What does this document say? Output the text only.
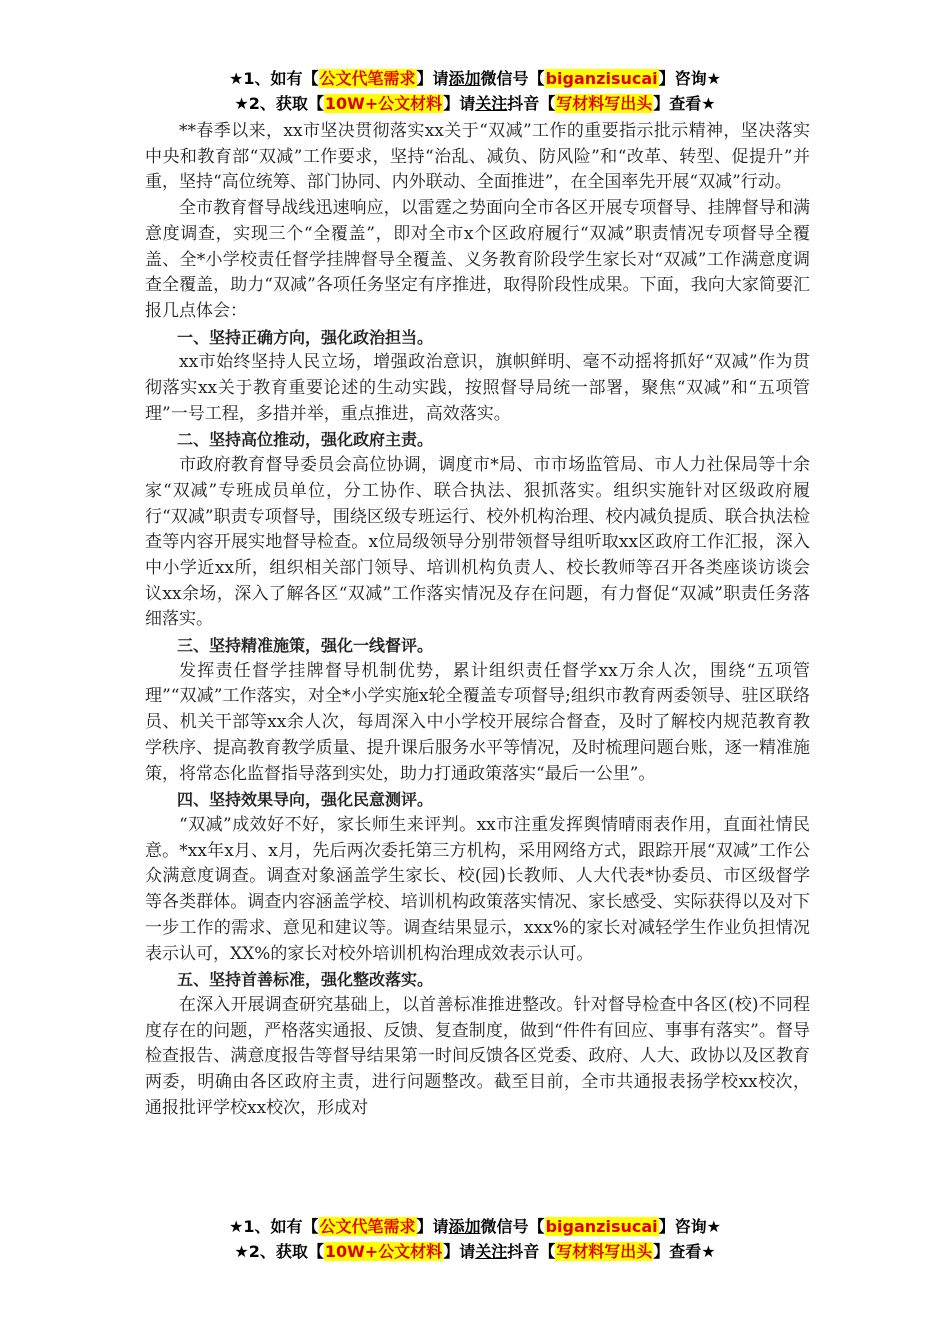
★1、如有【公文代笔需求】请添加微信号【biganzisucai】咨询★
★2、获取【10W+公文材料】请关注抖音【写材料写出头】查看★

**春季以来，xx市坚决贯彻落实xx关于“双减”工作的重要指示批示精神，坚决落实中央和教育部“双减”工作要求，坚持“治乱、减负、防风险”和“改革、转型、促提升”并重，坚持“高位统筹、部门协同、内外联动、全面推进”，在全国率先开展“双减”行动。

全市教育督导战线迅速响应，以雷霆之势面向全市各区开展专项督导、挂牌督导和满意度调查，实现三个“全覆盖”，即对全市x个区政府履行“双减”职责情况专项督导全覆盖、全*小学校责任督学挂牌督导全覆盖、义务教育阶段学生家长对“双减”工作满意度调查全覆盖，助力“双减”各项任务坚定有序推进，取得阶段性成果。下面，我向大家简要汇报几点体会：

一、坚持正确方向，强化政治担当。

xx市始终坚持人民立场，增强政治意识，旗帜鲜明、毫不动摇将抓好“双减”作为贯彻落实xx关于教育重要论述的生动实践，按照督导局统一部署，聚焦“双减”和“五项管理”一号工程，多措并举，重点推进，高效落实。

二、坚持高位推动，强化政府主责。

市政府教育督导委员会高位协调，调度市*局、市市场监管局、市人力社保局等十余家“双减”专班成员单位，分工协作、联合执法、狠抓落实。组织实施针对区级政府履行“双减”职责专项督导，围绕区级专班运行、校外机构治理、校内减负提质、联合执法检查等内容开展实地督导检查。x位局级领导分别带领督导组听取xx区政府工作汇报，深入中小学近xx所，组织相关部门领导、培训机构负责人、校长教师等召开各类座谈访谈会议xx余场，深入了解各区“双减”工作落实情况及存在问题，有力督促“双减”职责任务落细落实。

三、坚持精准施策，强化一线督评。

发挥责任督学挂牌督导机制优势，累计组织责任督学xx万余人次，围绕“五项管理”“双减”工作落实，对全*小学实施x轮全覆盖专项督导;组织市教育两委领导、驻区联络员、机关干部等xx余人次，每周深入中小学校开展综合督查，及时了解校内规范教育教学秩序、提高教育教学质量、提升课后服务水平等情况，及时梳理问题台账，逐一精准施策，将常态化监督指导落到实处，助力打通政策落实“最后一公里”。

四、坚持效果导向，强化民意测评。

“双减”成效好不好，家长师生来评判。xx市注重发挥舆情晴雨表作用，直面社情民意。*xx年x月、x月，先后两次委托第三方机构，采用网络方式，跟踪开展“双减”工作公众满意度调查。调查对象涵盖学生家长、校(园)长教师、人大代表*协委员、市区级督学等各类群体。调查内容涵盖学校、培训机构政策落实情况、家长感受、实际获得以及对下一步工作的需求、意见和建议等。调查结果显示，xxx%的家长对减轻学生作业负担情况表示认可，XX%的家长对校外培训机构治理成效表示认可。

五、坚持首善标准，强化整改落实。

在深入开展调查研究基础上，以首善标准推进整改。针对督导检查中各区(校)不同程度存在的问题，严格落实通报、反馈、复查制度，做到“件件有回应、事事有落实”。督导检查报告、满意度报告等督导结果第一时间反馈各区党委、政府、人大、政协以及区教育两委，明确由各区政府主责，进行问题整改。截至目前，全市共通报表扬学校xx校次，通报批评学校xx校次，形成对

★1、如有【公文代笔需求】请添加微信号【biganzisucai】咨询★
★2、获取【10W+公文材料】请关注抖音【写材料写出头】查看★
